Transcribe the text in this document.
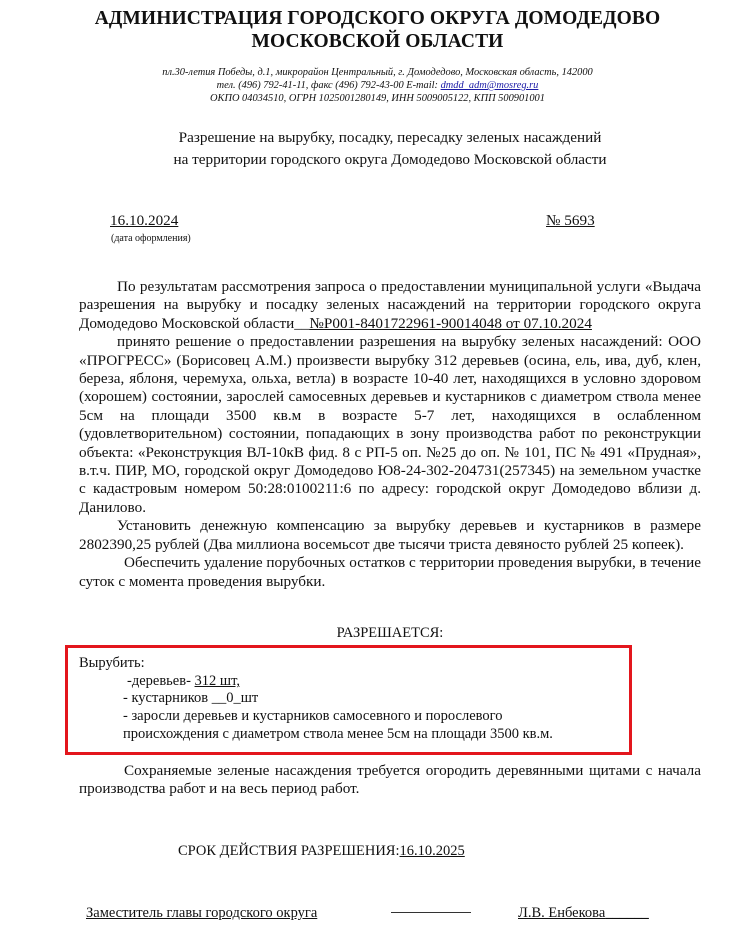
АДМИНИСТРАЦИЯ ГОРОДСКОГО ОКРУГА ДОМОДЕДОВО
МОСКОВСКОЙ ОБЛАСТИ
пл.30-летия Победы, д.1, микрорайон Центральный, г. Домодедово, Московская область, 142000
тел. (496) 792-41-11, факс (496) 792-43-00 E-mail: dmdd_adm@mosreg.ru
ОКПО 04034510, ОГРН 1025001280149, ИНН 5009005122, КПП 500901001
Разрешение на вырубку, посадку, пересадку зеленых насаждений
на территории городского округа Домодедово Московской области
16.10.2024
(дата оформления)
№ 5693

По результатам рассмотрения запроса о предоставлении муниципальной услуги «Выдача разрешения на вырубку и посадку зеленых насаждений на территории городского округа Домодедово Московской области__№P001-8401722961-90014048 от 07.10.2024

принято решение о предоставлении разрешения на вырубку зеленых насаждений: ООО «ПРОГРЕСС» (Борисовец А.М.) произвести вырубку 312 деревьев (осина, ель, ива, дуб, клен, береза, яблоня, черемуха, ольха, ветла) в возрасте 10-40 лет, находящихся в условно здоровом (хорошем) состоянии, зарослей самосевных деревьев и кустарников с диаметром ствола менее 5см на площади 3500 кв.м в возрасте 5-7 лет, находящихся в ослабленном (удовлетворительном) состоянии, попадающих в зону производства работ по реконструкции объекта: «Реконструкция ВЛ-10кВ фид. 8 с РП-5 оп. №25 до оп. № 101, ПС № 491 «Прудная», в.т.ч. ПИР, МО, городской округ Домодедово Ю8-24-302-204731(257345) на земельном участке с кадастровым номером 50:28:0100211:6 по адресу: городской округ Домодедово вблизи д. Данилово.

Установить денежную компенсацию за вырубку деревьев и кустарников в размере 2802390,25 рублей (Два миллиона восемьсот две тысячи триста девяносто рублей 25 копеек).

Обеспечить удаление порубочных остатков с территории проведения вырубки, в течение суток с момента проведения вырубки.

РАЗРЕШАЕТСЯ:
Вырубить:
-деревьев- 312 шт,
- кустарников __0_шт
- заросли деревьев и кустарников самосевного и порослевого
происхождения с диаметром ствола менее 5см на площади 3500 кв.м.

Сохраняемые зеленые насаждения требуется огородить деревянными щитами с начала производства работ и на весь период работ.

СРОК ДЕЙСТВИЯ РАЗРЕШЕНИЯ:16.10.2025
Заместитель главы городского округа	Л.В. Енбекова______
